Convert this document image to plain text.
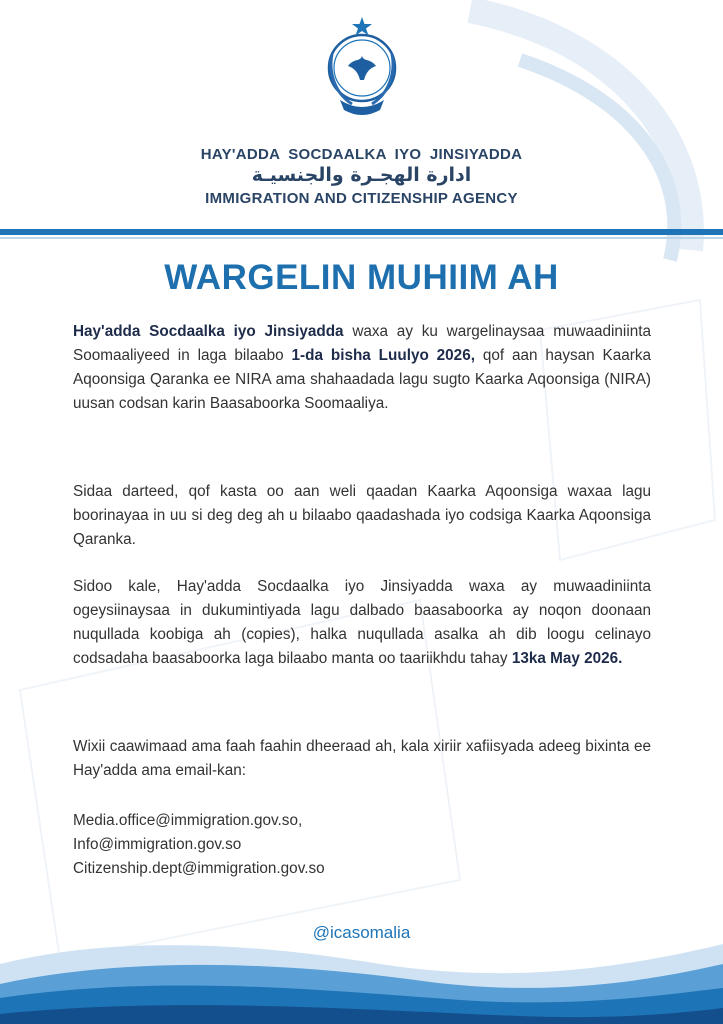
HAY'ADDA SOCDAALKA IYO JINSIYADDA
ادارة الهجـرة والجنسيـة
IMMIGRATION AND CITIZENSHIP AGENCY
WARGELIN MUHIIM AH
Hay'adda Socdaalka iyo Jinsiyadda waxa ay ku wargelinaysaa muwaadiniinta Soomaaliyeed in laga bilaabo 1-da bisha Luulyo 2026, qof aan haysan Kaarka Aqoonsiga Qaranka ee NIRA ama shahaadada lagu sugto Kaarka Aqoonsiga (NIRA) uusan codsan karin Baasaboorka Soomaaliya.
Sidaa darteed, qof kasta oo aan weli qaadan Kaarka Aqoonsiga waxaa lagu boorinayaa in uu si deg deg ah u bilaabo qaadashada iyo codsiga Kaarka Aqoonsiga Qaranka.
Sidoo kale, Hay'adda Socdaalka iyo Jinsiyadda waxa ay muwaadiniinta ogeysiinaysaa in dukumintiyada lagu dalbado baasaboorka ay noqon doonaan nuqullada koobiga ah (copies), halka nuqullada asalka ah dib loogu celinayo codsadaha baasaboorka laga bilaabo manta oo taariikhdu tahay 13ka May 2026.
Wixii caawimaad ama faah faahin dheeraad ah, kala xiriir xafiisyada adeeg bixinta ee Hay'adda ama email-kan:
Media.office@immigration.gov.so,
Info@immigration.gov.so
Citizenship.dept@immigration.gov.so
@icasomalia
